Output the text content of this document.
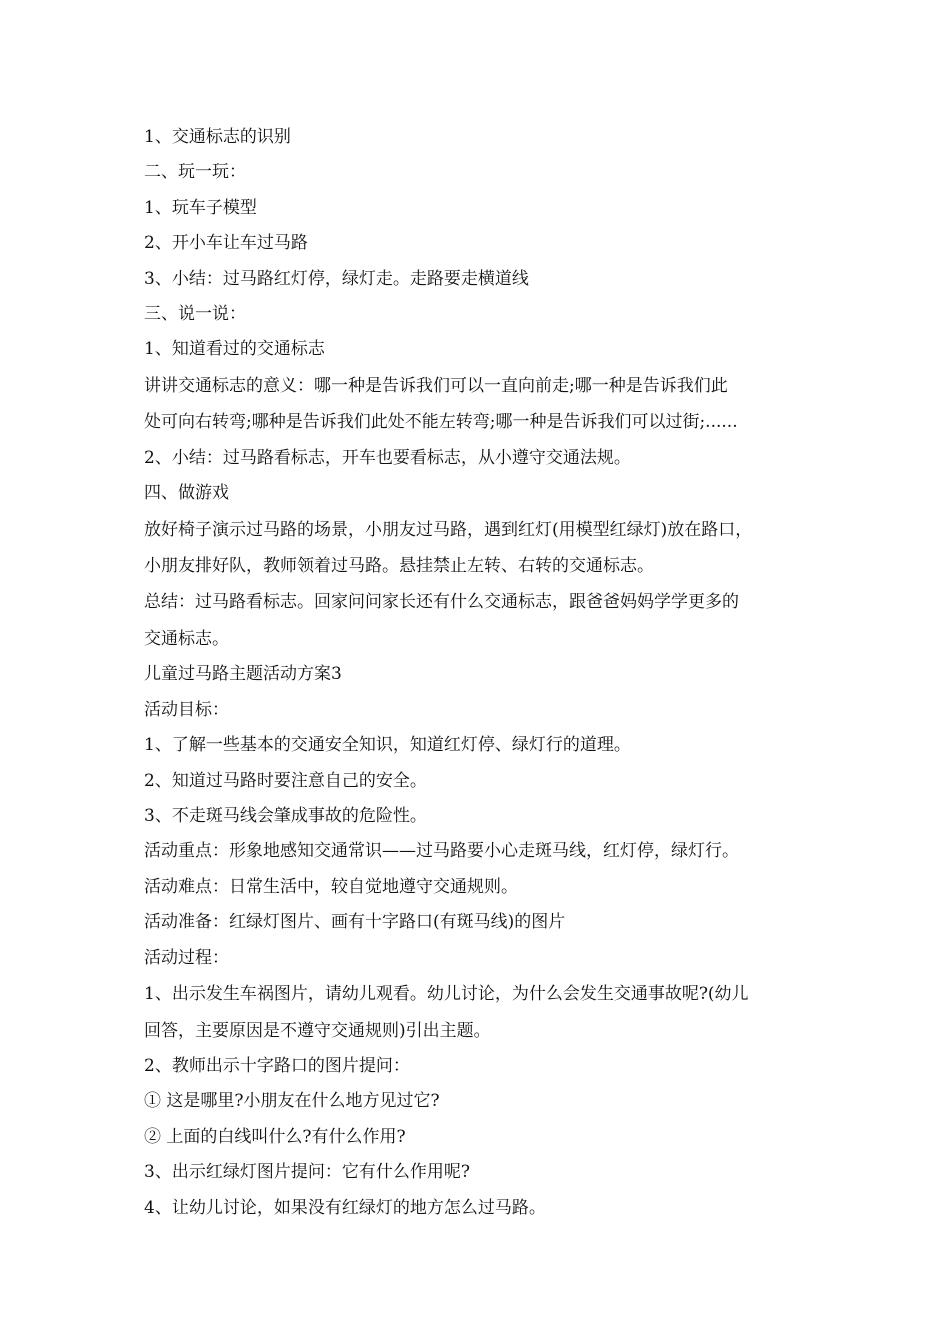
1、交通标志的识别
二、玩一玩：
1、玩车子模型
2、开小车让车过马路
3、小结：过马路红灯停，绿灯走。走路要走横道线
三、说一说：
1、知道看过的交通标志
讲讲交通标志的意义：哪一种是告诉我们可以一直向前走;哪一种是告诉我们此
处可向右转弯;哪种是告诉我们此处不能左转弯;哪一种是告诉我们可以过街;......
2、小结：过马路看标志，开车也要看标志，从小遵守交通法规。
四、做游戏
放好椅子演示过马路的场景，小朋友过马路，遇到红灯(用模型红绿灯)放在路口，
小朋友排好队，教师领着过马路。悬挂禁止左转、右转的交通标志。
总结：过马路看标志。回家问问家长还有什么交通标志，跟爸爸妈妈学学更多的
交通标志。
儿童过马路主题活动方案3
活动目标：
1、了解一些基本的交通安全知识，知道红灯停、绿灯行的道理。
2、知道过马路时要注意自己的安全。
3、不走斑马线会肇成事故的危险性。
活动重点：形象地感知交通常识——过马路要小心走斑马线，红灯停，绿灯行。
活动难点：日常生活中，较自觉地遵守交通规则。
活动准备：红绿灯图片、画有十字路口(有斑马线)的图片
活动过程：
1、出示发生车祸图片，请幼儿观看。幼儿讨论，为什么会发生交通事故呢?(幼儿
回答，主要原因是不遵守交通规则)引出主题。
2、教师出示十字路口的图片提问：
① 这是哪里?小朋友在什么地方见过它?
② 上面的白线叫什么?有什么作用?
3、出示红绿灯图片提问：它有什么作用呢?
4、让幼儿讨论，如果没有红绿灯的地方怎么过马路。
